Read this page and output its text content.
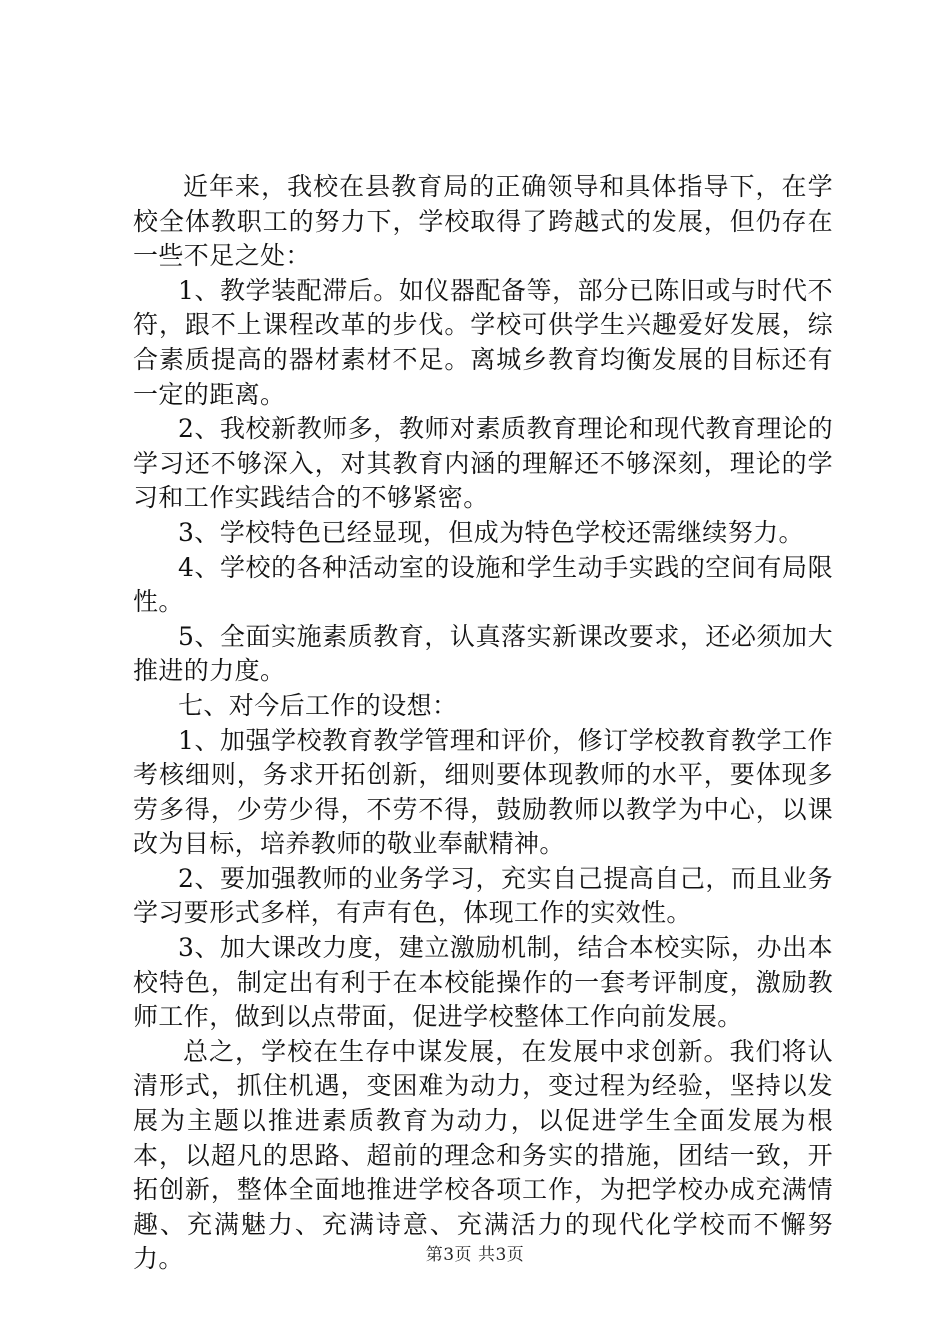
近年来，我校在县教育局的正确领导和具体指导下，在学校全体教职工的努力下，学校取得了跨越式的发展，但仍存在一些不足之处：

1、教学装配滞后。如仪器配备等，部分已陈旧或与时代不符，跟不上课程改革的步伐。学校可供学生兴趣爱好发展，综合素质提高的器材素材不足。离城乡教育均衡发展的目标还有一定的距离。

2、我校新教师多，教师对素质教育理论和现代教育理论的学习还不够深入，对其教育内涵的理解还不够深刻，理论的学习和工作实践结合的不够紧密。

3、学校特色已经显现，但成为特色学校还需继续努力。

4、学校的各种活动室的设施和学生动手实践的空间有局限性。

5、全面实施素质教育，认真落实新课改要求，还必须加大推进的力度。

七、对今后工作的设想：

1、加强学校教育教学管理和评价，修订学校教育教学工作考核细则，务求开拓创新，细则要体现教师的水平，要体现多劳多得，少劳少得，不劳不得，鼓励教师以教学为中心，以课改为目标，培养教师的敬业奉献精神。

2、要加强教师的业务学习，充实自己提高自己，而且业务学习要形式多样，有声有色，体现工作的实效性。

3、加大课改力度，建立激励机制，结合本校实际，办出本校特色，制定出有利于在本校能操作的一套考评制度，激励教师工作，做到以点带面，促进学校整体工作向前发展。

总之，学校在生存中谋发展，在发展中求创新。我们将认清形式，抓住机遇，变困难为动力，变过程为经验，坚持以发展为主题以推进素质教育为动力，以促进学生全面发展为根本，以超凡的思路、超前的理念和务实的措施，团结一致，开拓创新，整体全面地推进学校各项工作，为把学校办成充满情趣、充满魅力、充满诗意、充满活力的现代化学校而不懈努力。	第3页 共3页
